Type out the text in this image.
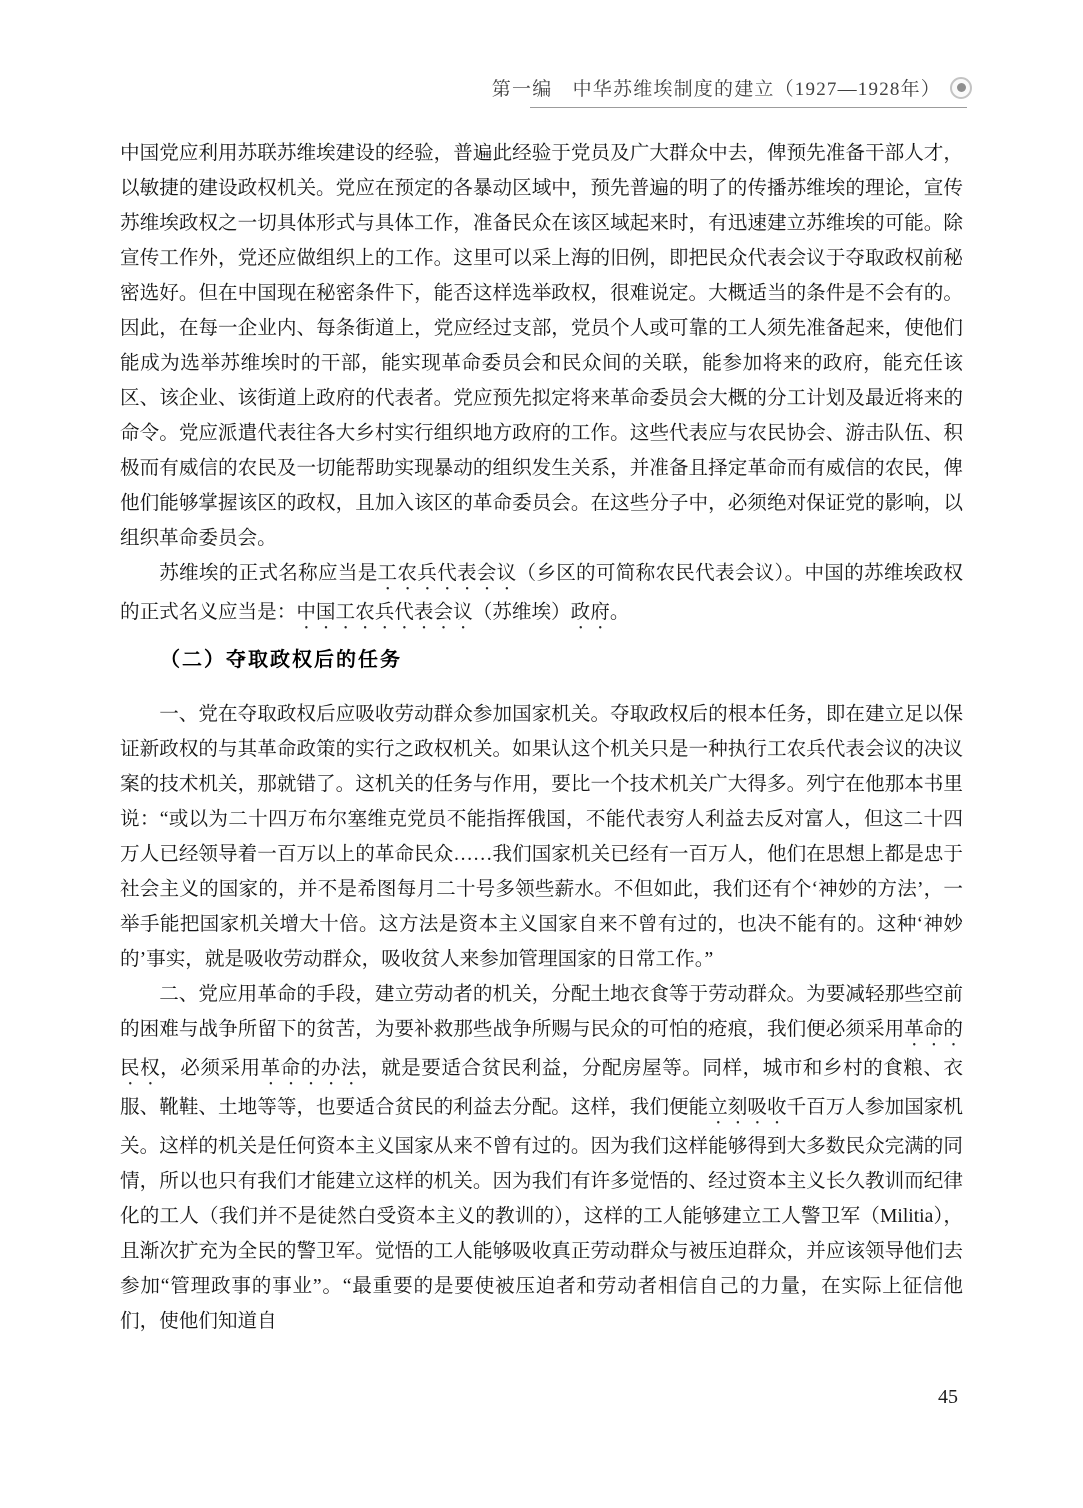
第一编　中华苏维埃制度的建立（1927—1928年）

中国党应利用苏联苏维埃建设的经验，普遍此经验于党员及广大群众中去，俾预先准备干部人才，以敏捷的建设政权机关。党应在预定的各暴动区域中，预先普遍的明了的传播苏维埃的理论，宣传苏维埃政权之一切具体形式与具体工作，准备民众在该区域起来时，有迅速建立苏维埃的可能。除宣传工作外，党还应做组织上的工作。这里可以采上海的旧例，即把民众代表会议于夺取政权前秘密选好。但在中国现在秘密条件下，能否这样选举政权，很难说定。大概适当的条件是不会有的。因此，在每一企业内、每条街道上，党应经过支部，党员个人或可靠的工人须先准备起来，使他们能成为选举苏维埃时的干部，能实现革命委员会和民众间的关联，能参加将来的政府，能充任该区、该企业、该街道上政府的代表者。党应预先拟定将来革命委员会大概的分工计划及最近将来的命令。党应派遣代表往各大乡村实行组织地方政府的工作。这些代表应与农民协会、游击队伍、积极而有威信的农民及一切能帮助实现暴动的组织发生关系，并准备且择定革命而有威信的农民，俾他们能够掌握该区的政权，且加入该区的革命委员会。在这些分子中，必须绝对保证党的影响，以组织革命委员会。

苏维埃的正式名称应当是工农兵代表会议（乡区的可简称农民代表会议）。中国的苏维埃政权的正式名义应当是：中国工农兵代表会议（苏维埃）政府。

（二）夺取政权后的任务

一、党在夺取政权后应吸收劳动群众参加国家机关。夺取政权后的根本任务，即在建立足以保证新政权的与其革命政策的实行之政权机关。如果认这个机关只是一种执行工农兵代表会议的决议案的技术机关，那就错了。这机关的任务与作用，要比一个技术机关广大得多。列宁在他那本书里说：“或以为二十四万布尔塞维克党员不能指挥俄国，不能代表穷人利益去反对富人，但这二十四万人已经领导着一百万以上的革命民众……我们国家机关已经有一百万人，他们在思想上都是忠于社会主义的国家的，并不是希图每月二十号多领些薪水。不但如此，我们还有个‘神妙的方法’，一举手能把国家机关增大十倍。这方法是资本主义国家自来不曾有过的，也决不能有的。这种‘神妙的’事实，就是吸收劳动群众，吸收贫人来参加管理国家的日常工作。”

二、党应用革命的手段，建立劳动者的机关，分配土地衣食等于劳动群众。为要减轻那些空前的困难与战争所留下的贫苦，为要补救那些战争所赐与民众的可怕的疮痕，我们便必须采用革命的民权，必须采用革命的办法，就是要适合贫民利益，分配房屋等。同样，城市和乡村的食粮、衣服、靴鞋、土地等等，也要适合贫民的利益去分配。这样，我们便能立刻吸收千百万人参加国家机关。这样的机关是任何资本主义国家从来不曾有过的。因为我们这样能够得到大多数民众完满的同情，所以也只有我们才能建立这样的机关。因为我们有许多觉悟的、经过资本主义长久教训而纪律化的工人（我们并不是徒然白受资本主义的教训的），这样的工人能够建立工人警卫军（Militia），且渐次扩充为全民的警卫军。觉悟的工人能够吸收真正劳动群众与被压迫群众，并应该领导他们去参加“管理政事的事业”。“最重要的是要使被压迫者和劳动者相信自己的力量，在实际上征信他们，使他们知道自

45
